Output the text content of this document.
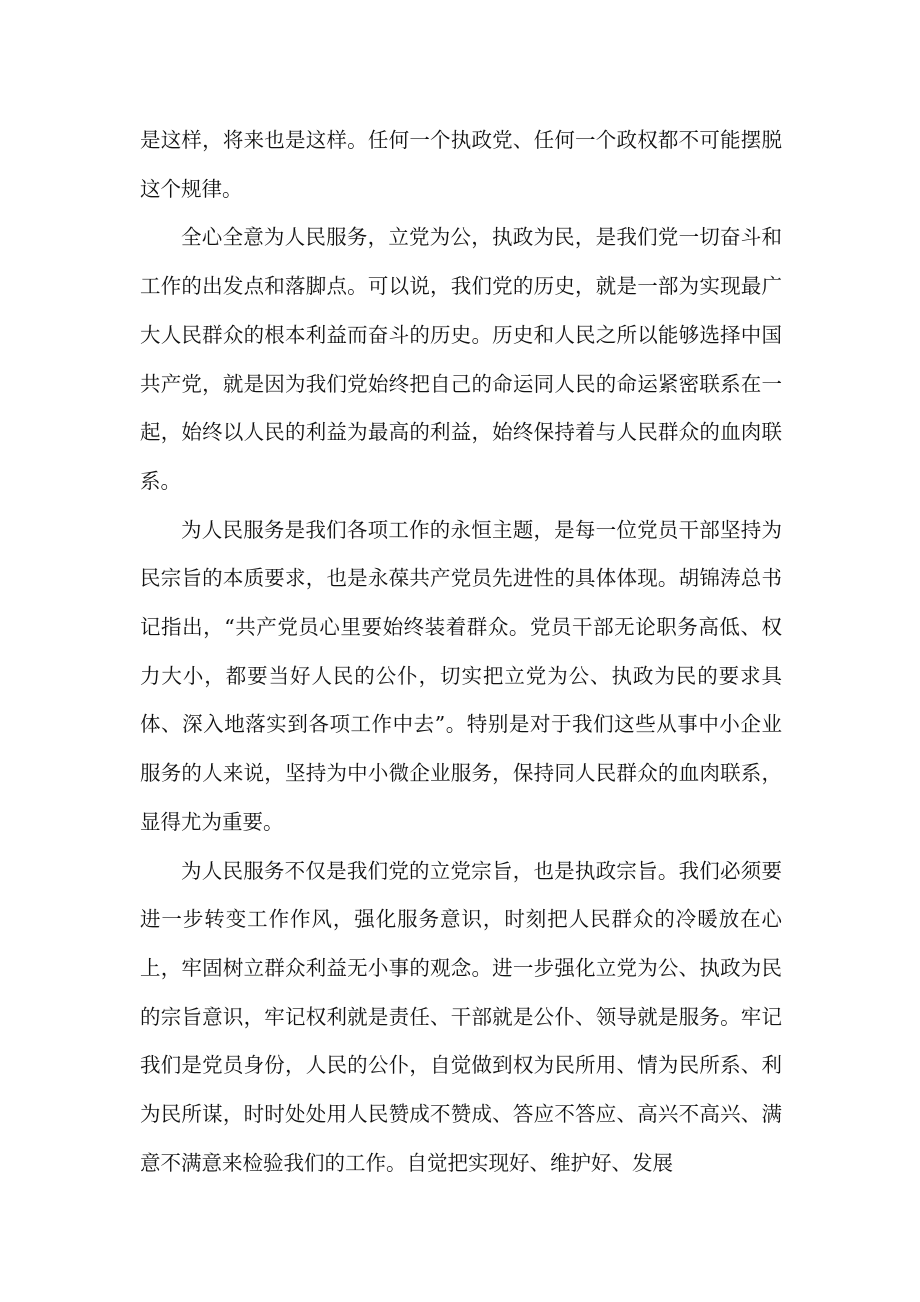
是这样，将来也是这样。任何一个执政党、任何一个政权都不可能摆脱这个规律。

全心全意为人民服务，立党为公，执政为民，是我们党一切奋斗和工作的出发点和落脚点。可以说，我们党的历史，就是一部为实现最广大人民群众的根本利益而奋斗的历史。历史和人民之所以能够选择中国共产党，就是因为我们党始终把自己的命运同人民的命运紧密联系在一起，始终以人民的利益为最高的利益，始终保持着与人民群众的血肉联系。

为人民服务是我们各项工作的永恒主题，是每一位党员干部坚持为民宗旨的本质要求，也是永葆共产党员先进性的具体体现。胡锦涛总书记指出，“共产党员心里要始终装着群众。党员干部无论职务高低、权力大小，都要当好人民的公仆，切实把立党为公、执政为民的要求具体、深入地落实到各项工作中去”。特别是对于我们这些从事中小企业服务的人来说，坚持为中小微企业服务，保持同人民群众的血肉联系，显得尤为重要。

为人民服务不仅是我们党的立党宗旨，也是执政宗旨。我们必须要进一步转变工作作风，强化服务意识，时刻把人民群众的冷暖放在心上，牢固树立群众利益无小事的观念。进一步强化立党为公、执政为民的宗旨意识，牢记权利就是责任、干部就是公仆、领导就是服务。牢记我们是党员身份，人民的公仆，自觉做到权为民所用、情为民所系、利为民所谋，时时处处用人民赞成不赞成、答应不答应、高兴不高兴、满意不满意来检验我们的工作。自觉把实现好、维护好、发展
